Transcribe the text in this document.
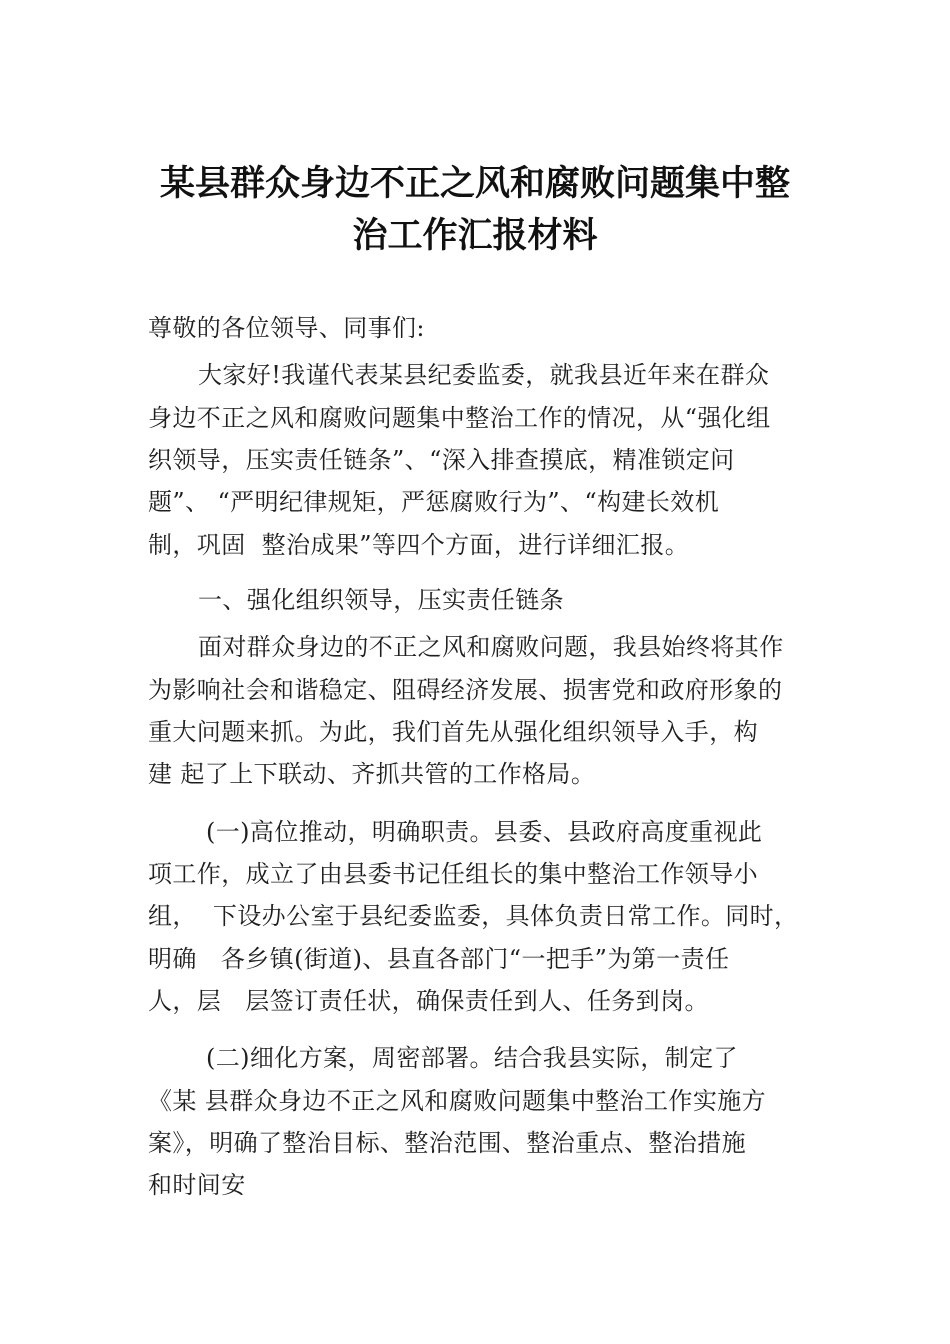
某县群众身边不正之风和腐败问题集中整
治工作汇报材料
尊敬的各位领导、同事们:
大家好!我谨代表某县纪委监委，就我县近年来在群众
身边不正之风和腐败问题集中整治工作的情况，从“强化组
织领导，压实责任链条”、“深入排查摸底，精准锁定问
题”、 “严明纪律规矩，严惩腐败行为”、“构建长效机
制，巩固  整治成果”等四个方面，进行详细汇报。
一、强化组织领导，压实责任链条
面对群众身边的不正之风和腐败问题，我县始终将其作
为影响社会和谐稳定、阻碍经济发展、损害党和政府形象的
重大问题来抓。为此，我们首先从强化组织领导入手，构
建 起了上下联动、齐抓共管的工作格局。
(一)高位推动，明确职责。县委、县政府高度重视此
项工作，成立了由县委书记任组长的集中整治工作领导小
组，  下设办公室于县纪委监委，具体负责日常工作。同时，
明确   各乡镇(街道)、县直各部门“一把手”为第一责任
人，层   层签订责任状，确保责任到人、任务到岗。
(二)细化方案，周密部署。结合我县实际，制定了
《某 县群众身边不正之风和腐败问题集中整治工作实施方
案》，明确了整治目标、整治范围、整治重点、整治措施
和时间安
